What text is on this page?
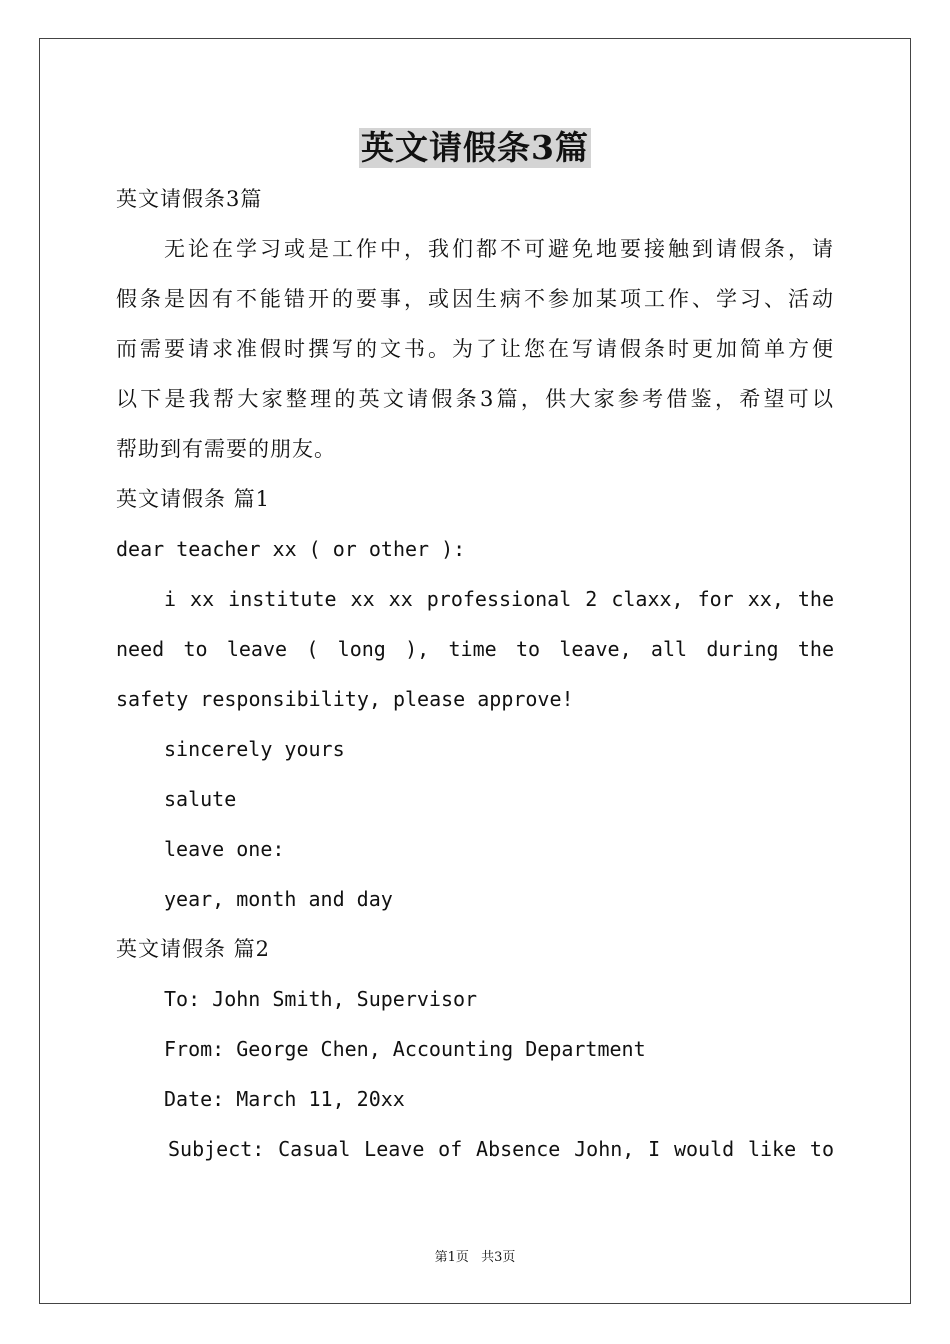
英文请假条3篇
英文请假条3篇
无论在学习或是工作中，我们都不可避免地要接触到请假条，请
假条是因有不能错开的要事，或因生病不参加某项工作、学习、活动
而需要请求准假时撰写的文书。为了让您在写请假条时更加简单方便
以下是我帮大家整理的英文请假条3篇，供大家参考借鉴，希望可以
帮助到有需要的朋友。
英文请假条 篇1
dear teacher xx ( or other ):
i xx institute xx xx professional 2 claxx, for xx, the
need to leave ( long ), time to leave, all during the
safety responsibility, please approve!
sincerely yours
salute
leave one:
year, month and day
英文请假条 篇2
To: John Smith, Supervisor
From: George Chen, Accounting Department
Date: March 11, 20xx
Subject: Casual Leave of Absence John, I would like to
第1页 共3页
